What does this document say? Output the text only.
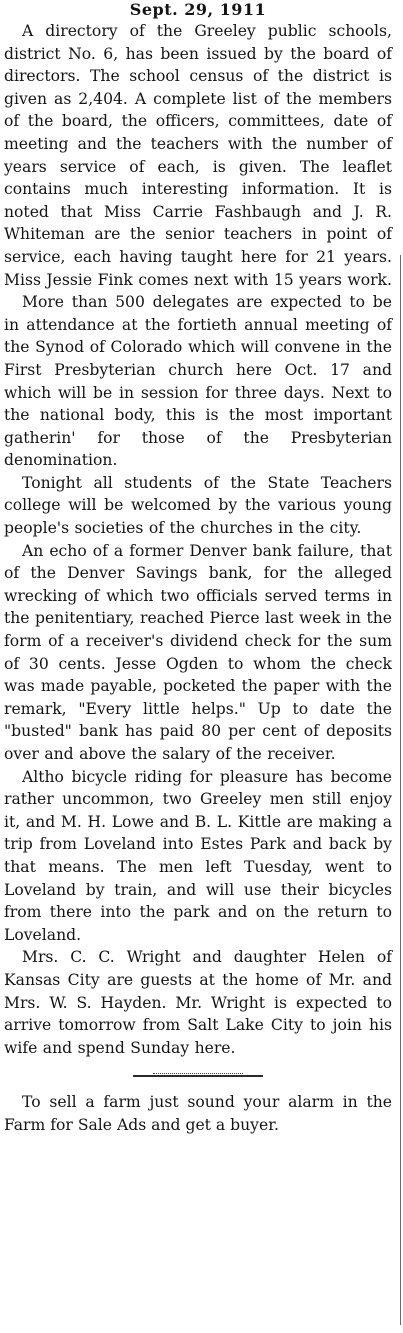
Sept. 29, 1911

A directory of the Greeley public schools, district No. 6, has been issued by the board of directors. The school census of the district is given as 2,404. A complete list of the members of the board, the officers, committees, date of meeting and the teachers with the number of years service of each, is given. The leaflet contains much interesting information. It is noted that Miss Carrie Fashbaugh and J. R. Whiteman are the senior teachers in point of service, each having taught here for 21 years. Miss Jessie Fink comes next with 15 years work.

More than 500 delegates are expected to be in attendance at the fortieth annual meeting of the Synod of Colorado which will convene in the First Presbyterian church here Oct. 17 and which will be in session for three days. Next to the national body, this is the most important gatherin' for those of the Presbyterian denomination.

Tonight all students of the State Teachers college will be welcomed by the various young people's societies of the churches in the city.

An echo of a former Denver bank failure, that of the Denver Savings bank, for the alleged wrecking of which two officials served terms in the penitentiary, reached Pierce last week in the form of a receiver's dividend check for the sum of 30 cents. Jesse Ogden to whom the check was made payable, pocketed the paper with the remark, "Every little helps." Up to date the "busted" bank has paid 80 per cent of deposits over and above the salary of the receiver.

Altho bicycle riding for pleasure has become rather uncommon, two Greeley men still enjoy it, and M. H. Lowe and B. L. Kittle are making a trip from Loveland into Estes Park and back by that means. The men left Tuesday, went to Loveland by train, and will use their bicycles from there into the park and on the return to Loveland.

Mrs. C. C. Wright and daughter Helen of Kansas City are guests at the home of Mr. and Mrs. W. S. Hayden. Mr. Wright is expected to arrive tomorrow from Salt Lake City to join his wife and spend Sunday here.

To sell a farm just sound your alarm in the Farm for Sale Ads and get a buyer.
